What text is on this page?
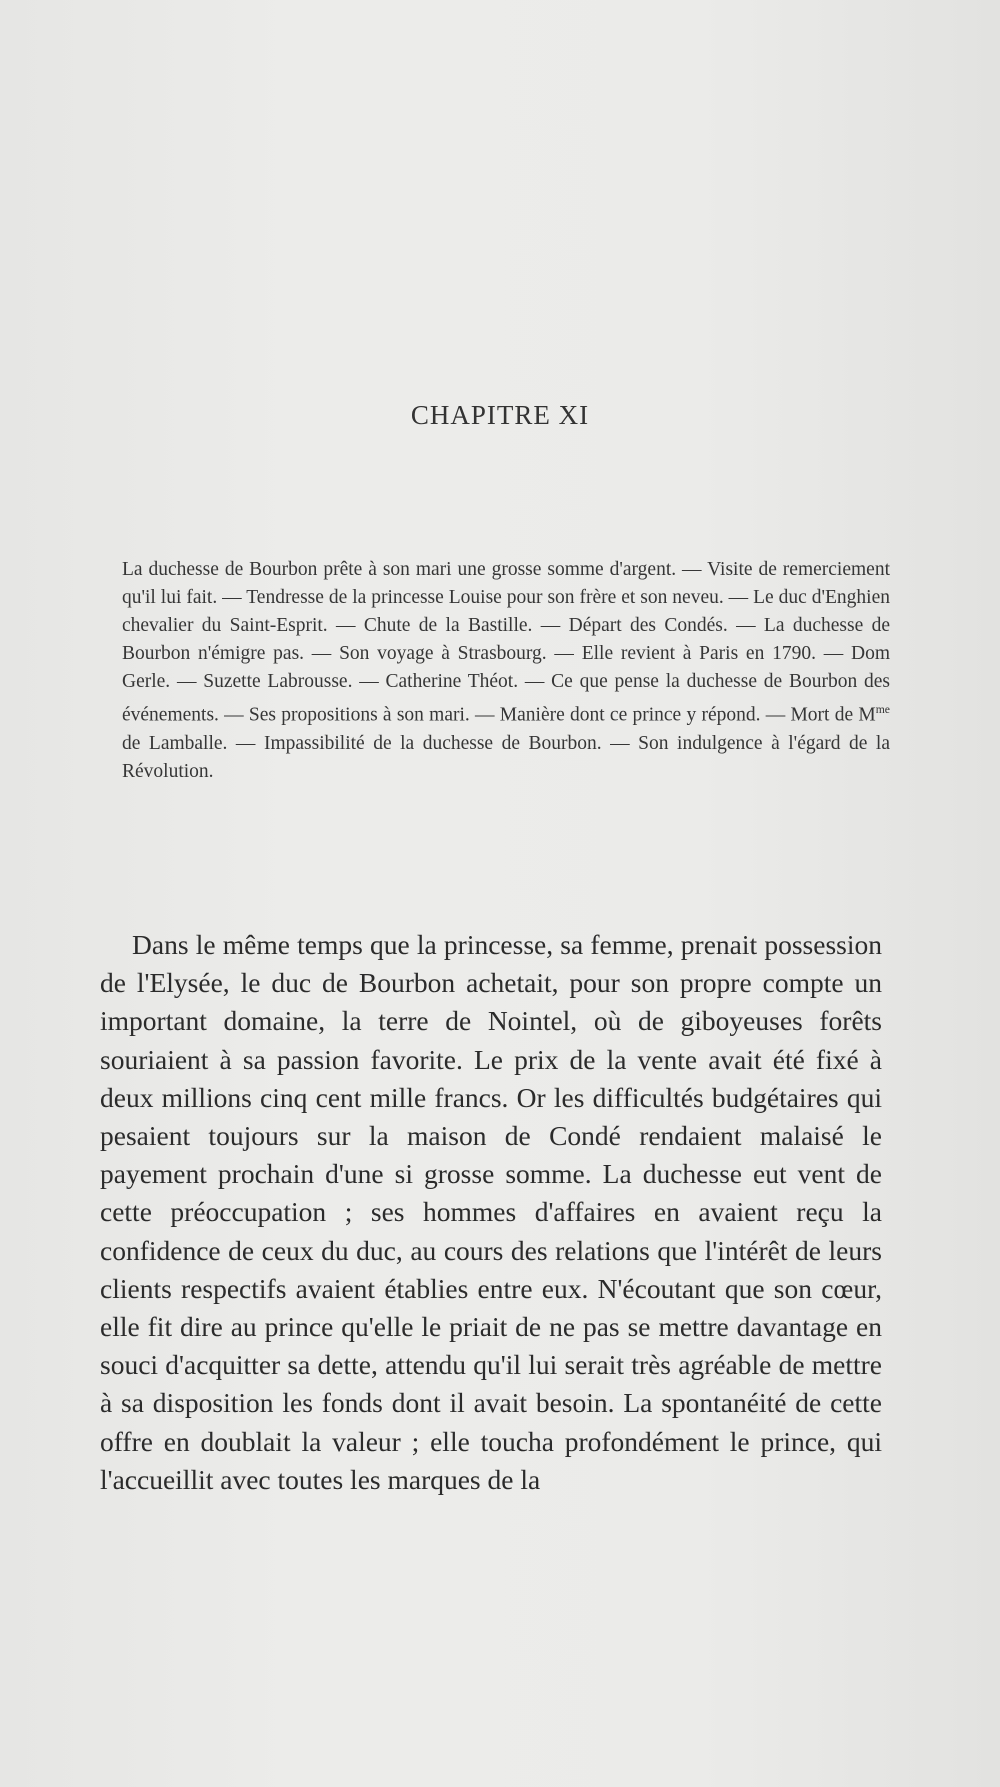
CHAPITRE XI

La duchesse de Bourbon prête à son mari une grosse somme d'argent. — Visite de remerciement qu'il lui fait. — Tendresse de la princesse Louise pour son frère et son neveu. — Le duc d'Enghien chevalier du Saint-Esprit. — Chute de la Bastille. — Départ des Condés. — La duchesse de Bourbon n'émigre pas. — Son voyage à Strasbourg. — Elle revient à Paris en 1790. — Dom Gerle. — Suzette Labrousse. — Catherine Théot. — Ce que pense la duchesse de Bourbon des événements. — Ses propositions à son mari. — Manière dont ce prince y répond. — Mort de $M^{me}$ de Lamballe. — Impassibilité de la duchesse de Bourbon. — Son indulgence à l'égard de la Révolution.

Dans le même temps que la princesse, sa femme, prenait possession de l'Elysée, le duc de Bourbon achetait, pour son propre compte un important domaine, la terre de Nointel, où de giboyeuses forêts souriaient à sa passion favorite. Le prix de la vente avait été fixé à deux millions cinq cent mille francs. Or les difficultés budgétaires qui pesaient toujours sur la maison de Condé rendaient malaisé le payement prochain d'une si grosse somme. La duchesse eut vent de cette préoccupation ; ses hommes d'affaires en avaient reçu la confidence de ceux du duc, au cours des relations que l'intérêt de leurs clients respectifs avaient établies entre eux. N'écoutant que son cœur, elle fit dire au prince qu'elle le priait de ne pas se mettre davantage en souci d'acquitter sa dette, attendu qu'il lui serait très agréable de mettre à sa disposition les fonds dont il avait besoin. La spontanéité de cette offre en doublait la valeur ; elle toucha profondément le prince, qui l'accueillit avec toutes les marques de la
